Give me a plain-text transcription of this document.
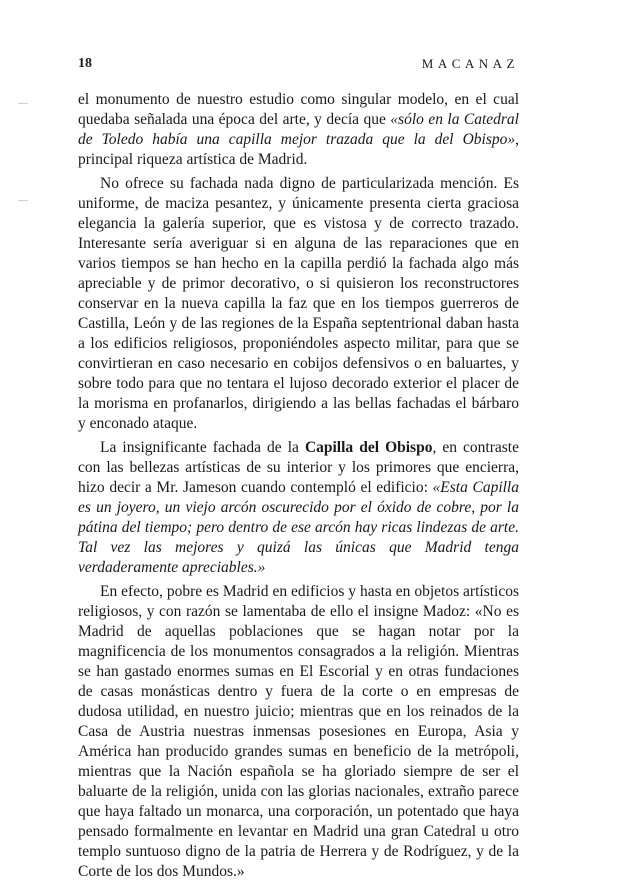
18	MACANAZ

el monumento de nuestro estudio como singular modelo, en el cual quedaba señalada una época del arte, y decía que «sólo en la Catedral de Toledo había una capilla mejor trazada que la del Obispo», principal riqueza artística de Madrid.

No ofrece su fachada nada digno de particularizada mención. Es uniforme, de maciza pesantez, y únicamente presenta cierta graciosa elegancia la galería superior, que es vistosa y de correcto trazado. Interesante sería averiguar si en alguna de las reparaciones que en varios tiempos se han hecho en la capilla perdió la fachada algo más apreciable y de primor decorativo, o si quisieron los reconstructores conservar en la nueva capilla la faz que en los tiempos guerreros de Castilla, León y de las regiones de la España septentrional daban hasta a los edificios religiosos, proponiéndoles aspecto militar, para que se convirtieran en caso necesario en cobijos defensivos o en baluartes, y sobre todo para que no tentara el lujoso decorado exterior el placer de la morisma en profanarlos, dirigiendo a las bellas fachadas el bárbaro y enconado ataque.

La insignificante fachada de la Capilla del Obispo, en contraste con las bellezas artísticas de su interior y los primores que encierra, hizo decir a Mr. Jameson cuando contempló el edificio: «Esta Capilla es un joyero, un viejo arcón oscurecido por el óxido de cobre, por la pátina del tiempo; pero dentro de ese arcón hay ricas lindezas de arte. Tal vez las mejores y quizá las únicas que Madrid tenga verdaderamente apreciables.»

En efecto, pobre es Madrid en edificios y hasta en objetos artísticos religiosos, y con razón se lamentaba de ello el insigne Madoz: «No es Madrid de aquellas poblaciones que se hagan notar por la magnificencia de los monumentos consagrados a la religión. Mientras se han gastado enormes sumas en El Escorial y en otras fundaciones de casas monásticas dentro y fuera de la corte o en empresas de dudosa utilidad, en nuestro juicio; mientras que en los reinados de la Casa de Austria nuestras inmensas posesiones en Europa, Asia y América han producido grandes sumas en beneficio de la metrópoli, mientras que la Nación española se ha gloriado siempre de ser el baluarte de la religión, unida con las glorias nacionales, extraño parece que haya faltado un monarca, una corporación, un potentado que haya pensado formalmente en levantar en Madrid una gran Catedral u otro templo suntuoso digno de la patria de Herrera y de Rodríguez, y de la Corte de los dos Mundos.»
